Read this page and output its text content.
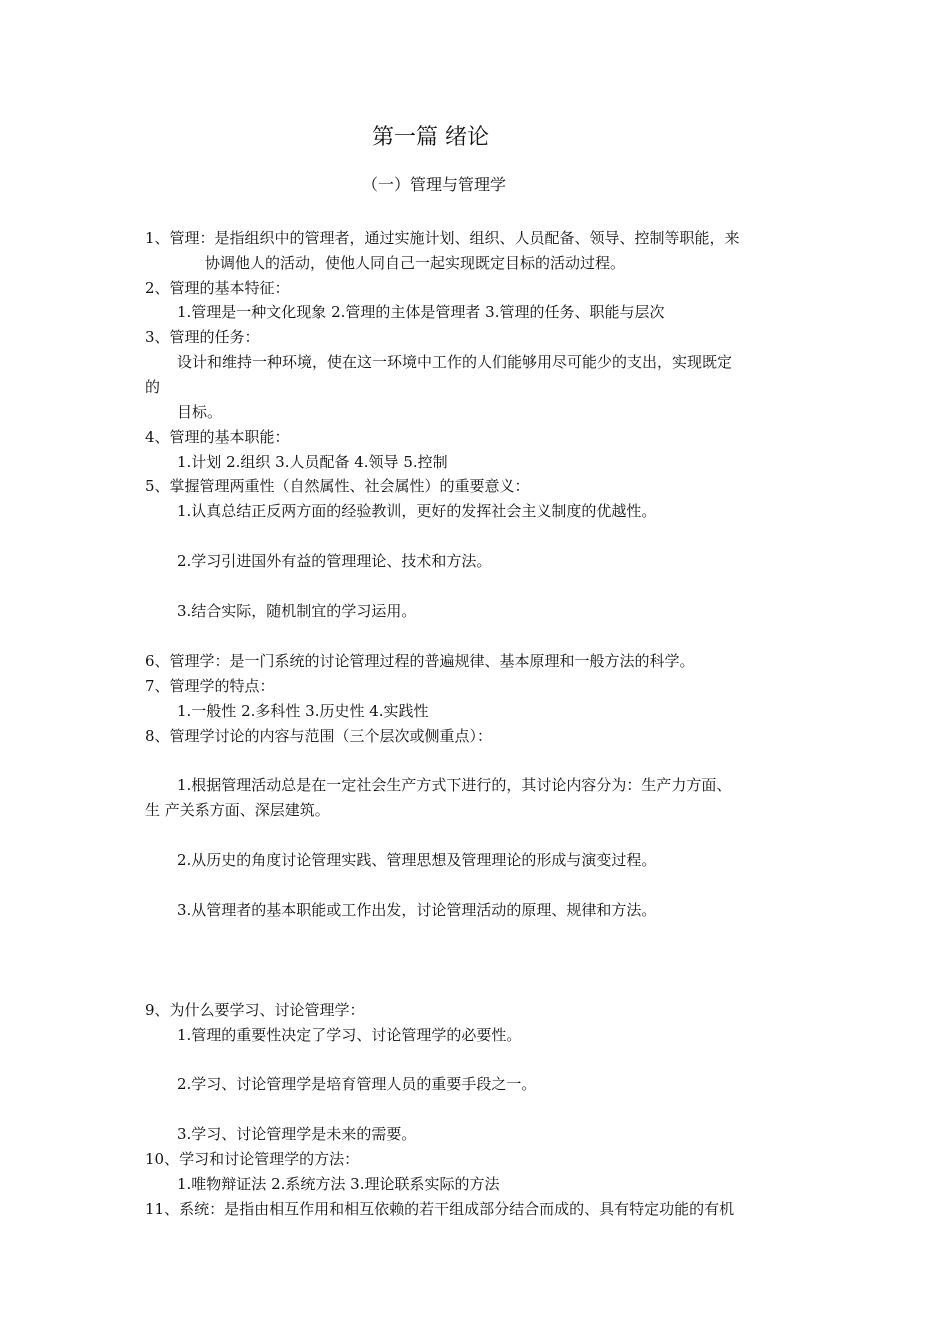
第一篇 绪论
（一）管理与管理学
1、管理：是指组织中的管理者，通过实施计划、组织、人员配备、领导、控制等职能，来
协调他人的活动，使他人同自己一起实现既定目标的活动过程。
2、管理的基本特征：
1.管理是一种文化现象 2.管理的主体是管理者 3.管理的任务、职能与层次
3、管理的任务：
设计和维持一种环境，使在这一环境中工作的人们能够用尽可能少的支出，实现既定
的
目标。
4、管理的基本职能：
1.计划 2.组织 3.人员配备 4.领导 5.控制
5、掌握管理两重性（自然属性、社会属性）的重要意义：
1.认真总结正反两方面的经验教训，更好的发挥社会主义制度的优越性。
2.学习引进国外有益的管理理论、技术和方法。
3.结合实际，随机制宜的学习运用。
6、管理学：是一门系统的讨论管理过程的普遍规律、基本原理和一般方法的科学。
7、管理学的特点：
1.一般性 2.多科性 3.历史性 4.实践性
8、管理学讨论的内容与范围（三个层次或侧重点）：
1.根据管理活动总是在一定社会生产方式下进行的，其讨论内容分为：生产力方面、
生 产关系方面、深层建筑。
2.从历史的角度讨论管理实践、管理思想及管理理论的形成与演变过程。
3.从管理者的基本职能或工作出发，讨论管理活动的原理、规律和方法。
9、为什么要学习、讨论管理学：
1.管理的重要性决定了学习、讨论管理学的必要性。
2.学习、讨论管理学是培育管理人员的重要手段之一。
3.学习、讨论管理学是未来的需要。
10、学习和讨论管理学的方法：
1.唯物辩证法 2.系统方法 3.理论联系实际的方法
11、系统：是指由相互作用和相互依赖的若干组成部分结合而成的、具有特定功能的有机
